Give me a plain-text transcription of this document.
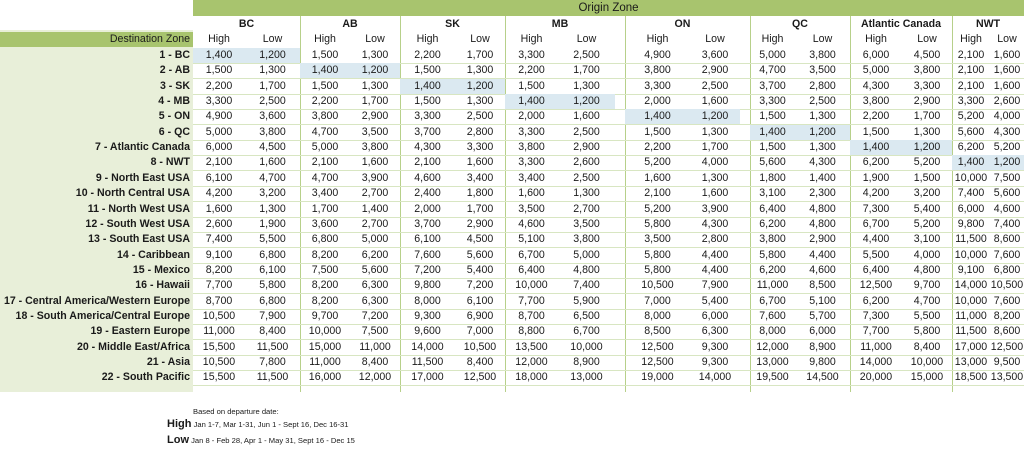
Origin Zone
Destination Zone
BC
High	Low
AB
High	Low
SK
High	Low
MB
High	Low
ON
High	Low
QC
High	Low
Atlantic Canada
High	Low
NWT
High	Low
1 - BC	1,400	1,200	1,500	1,300	2,200	1,700	3,300	2,500	4,900	3,600	5,000	3,800	6,000	4,500	2,100 1,600
2 - AB	1,500	1,300	1,400	1,200	1,500	1,300	2,200	1,700	3,800	2,900	4,700	3,500	5,000	3,800	2,100 1,600
3 - SK	2,200	1,700	1,500	1,300	1,400	1,200	1,500	1,300	3,300	2,500	3,700	2,800	4,300	3,300	2,100 1,600
4 - MB	3,300	2,500	2,200	1,700	1,500	1,300	1,400	1,200	2,000	1,600	3,300	2,500	3,800	2,900	3,300 2,600
5 - ON	4,900	3,600	3,800	2,900	3,300	2,500	2,000	1,600	1,400	1,200	1,500	1,300	2,200	1,700	5,200 4,000
6 - QC	5,000	3,800	4,700	3,500	3,700	2,800	3,300	2,500	1,500	1,300	1,400	1,200	1,500	1,300	5,600 4,300
7 - Atlantic Canada	6,000	4,500	5,000	3,800	4,300	3,300	3,800	2,900	2,200	1,700	1,500	1,300	1,400	1,200	6,200 5,200
8 - NWT	2,100	1,600	2,100	1,600	2,100	1,600	3,300	2,600	5,200	4,000	5,600	4,300	6,200	5,200	1,400 1,200
9 - North East USA	6,100	4,700	4,700	3,900	4,600	3,400	3,400	2,500	1,600	1,300	1,800	1,400	1,900	1,500	10,000 7,500
10 - North Central USA	4,200	3,200	3,400	2,700	2,400	1,800	1,600	1,300	2,100	1,600	3,100	2,300	4,200	3,200	7,400 5,600
11 - North West USA	1,600	1,300	1,700	1,400	2,000	1,700	3,500	2,700	5,200	3,900	6,400	4,800	7,300	5,400	6,000 4,600
12 - South West USA	2,600	1,900	3,600	2,700	3,700	2,900	4,600	3,500	5,800	4,300	6,200	4,800	6,700	5,200	9,800 7,400
13 - South East USA	7,400	5,500	6,800	5,000	6,100	4,500	5,100	3,800	3,500	2,800	3,800	2,900	4,400	3,100	11,500 8,600
14 - Caribbean	9,100	6,800	8,200	6,200	7,600	5,600	6,700	5,000	5,800	4,400	5,800	4,400	5,500	4,000	10,000 7,600
15 - Mexico	8,200	6,100	7,500	5,600	7,200	5,400	6,400	4,800	5,800	4,400	6,200	4,600	6,400	4,800	9,100 6,800
16 - Hawaii	7,700	5,800	8,200	6,300	9,800	7,200	10,000	7,400	10,500	7,900	11,000	8,500	12,500	9,700	14,000 10,500
17 - Central America/Western Europe	8,700	6,800	8,200	6,300	8,000	6,100	7,700	5,900	7,000	5,400	6,700	5,100	6,200	4,700	10,000 7,600
18 - South America/Central Europe	10,500	7,900	9,700	7,200	9,300	6,900	8,700	6,500	8,000	6,000	7,600	5,700	7,300	5,500	11,000 8,200
19 - Eastern Europe	11,000	8,400	10,000	7,500	9,600	7,000	8,800	6,700	8,500	6,300	8,000	6,000	7,700	5,800	11,500 8,600
20 - Middle East/Africa	15,500	11,500	15,000	11,000	14,000	10,500	13,500	10,000	12,500	9,300	12,000	8,900	11,000	8,400	17,000 12,500
21 - Asia	10,500	7,800	11,000	8,400	11,500	8,400	12,000	8,900	12,500	9,300	13,000	9,800	14,000	10,000	13,000 9,500
22 - South Pacific	15,500	11,500	16,000	12,000	17,000	12,500	18,000	13,000	19,000	14,000	19,500	14,500	20,000	15,000	18,500 13,500
Based on departure date:
High Jan 1-7, Mar 1-31, Jun 1 - Sept 16, Dec 16-31
Low Jan 8 - Feb 28, Apr 1 - May 31, Sept 16 - Dec 15
